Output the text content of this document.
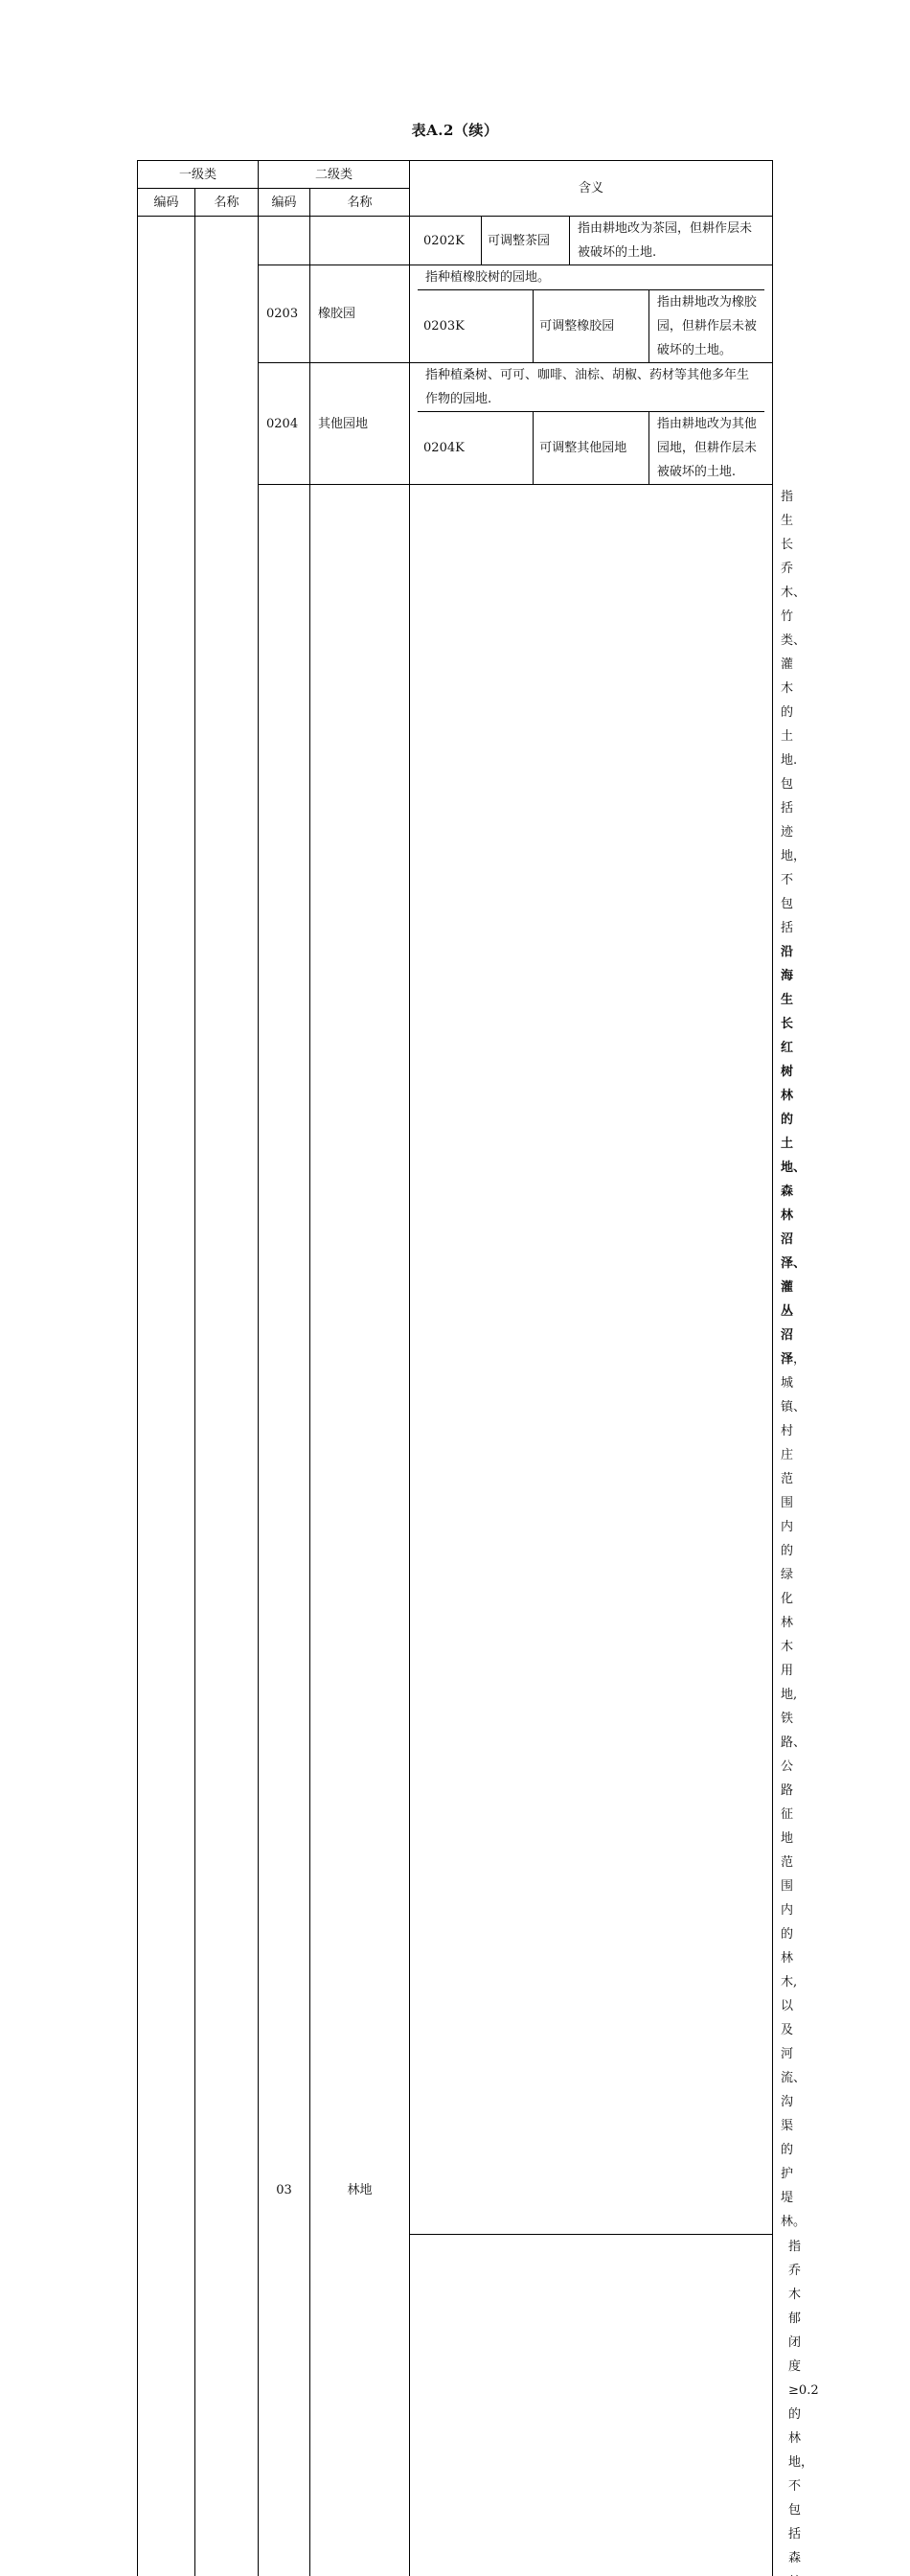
表A.2（续）
一级类	二级类	含义
编码	名称	编码	名称

0202K	可调整茶园	指由耕地改为茶园，但耕作层未被破坏的土地.

0203	橡胶园	
指种植橡胶树的园地。
0203K	可调整橡胶园	指由耕地改为橡胶园，但耕作层未被破坏的土地。

0204	其他园地	
指种植桑树、可可、咖啡、油棕、胡椒、药材等其他多年生作物的园地.
0204K	可调整其他园地	指由耕地改为其他园地，但耕作层未被破坏的土地.

03	林地			指生长乔木、竹类、灌木的土地.包括迹地，不包括沿海生长红树林的土地、森林沼泽、灌丛沼泽，城镇、村庄范围内的绿化林木用地,铁路、公路征地范围内的林木,以及河流、沟渠的护堤林。

指乔木郁闭度≥0.2的林地，不包括森
